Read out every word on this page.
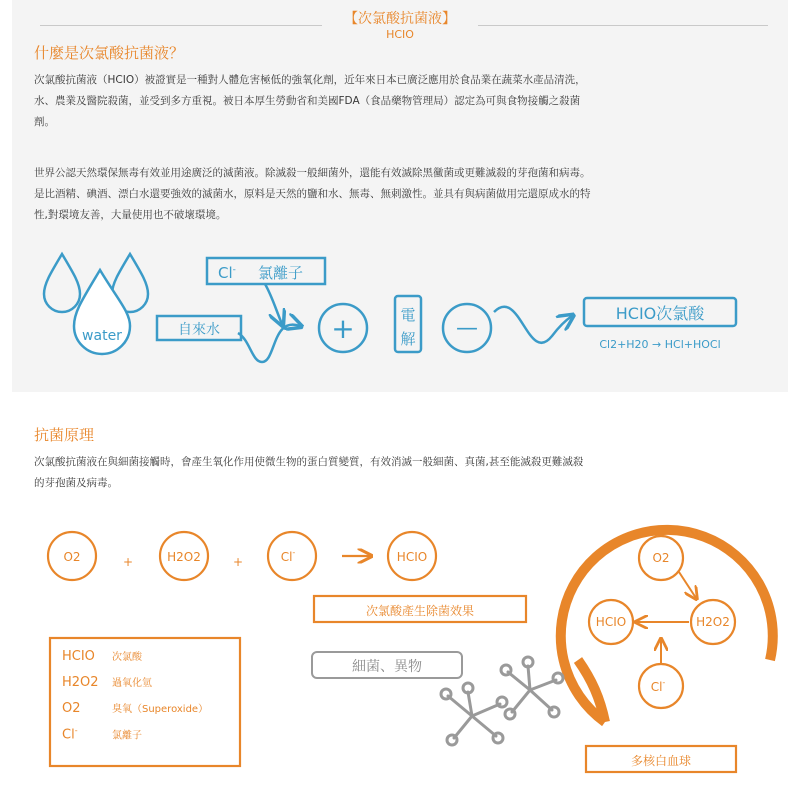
【次氯酸抗菌液】
HCIO
什麼是次氯酸抗菌液？
次氯酸抗菌液（HCIO）被證實是一種對人體危害極低的強氧化劑，近年來日本已廣泛應用於食品業在蔬菜水產品清洗，
水、農業及醫院殺菌，並受到多方重視。被日本厚生勞動省和美國FDA（食品藥物管理局）認定為可與食物接觸之殺菌
劑。
世界公認天然環保無毒有效並用途廣泛的滅菌液。除滅殺一般細菌外，還能有效滅除黑黴菌或更難滅殺的芽孢菌和病毒。
是比酒精、碘酒、漂白水還要強效的滅菌水，原料是天然的鹽和水、無毒、無刺激性。並具有與病菌做用完還原成水的特
性,對環境友善，大量使用也不破壞環境。
water	自來水
Cl- 氯離子
+	電
解 —
HCIO次氯酸
Cl2+H20 → HCl+HOCl
抗菌原理
次氯酸抗菌液在與細菌接觸時，會產生氧化作用使微生物的蛋白質變質，有效消滅一般細菌、真菌,甚至能滅殺更難滅殺
的芽孢菌及病毒。
O2	+	H2O2	+	Cl-	HCIO
次氯酸產生除菌效果
細菌、異物
O2
H2O2
HCIO
Cl-
多核白血球
HCIO 次氯酸
H2O2 過氧化氫
O2	臭氧（Superoxide）
Cl-	氯離子
